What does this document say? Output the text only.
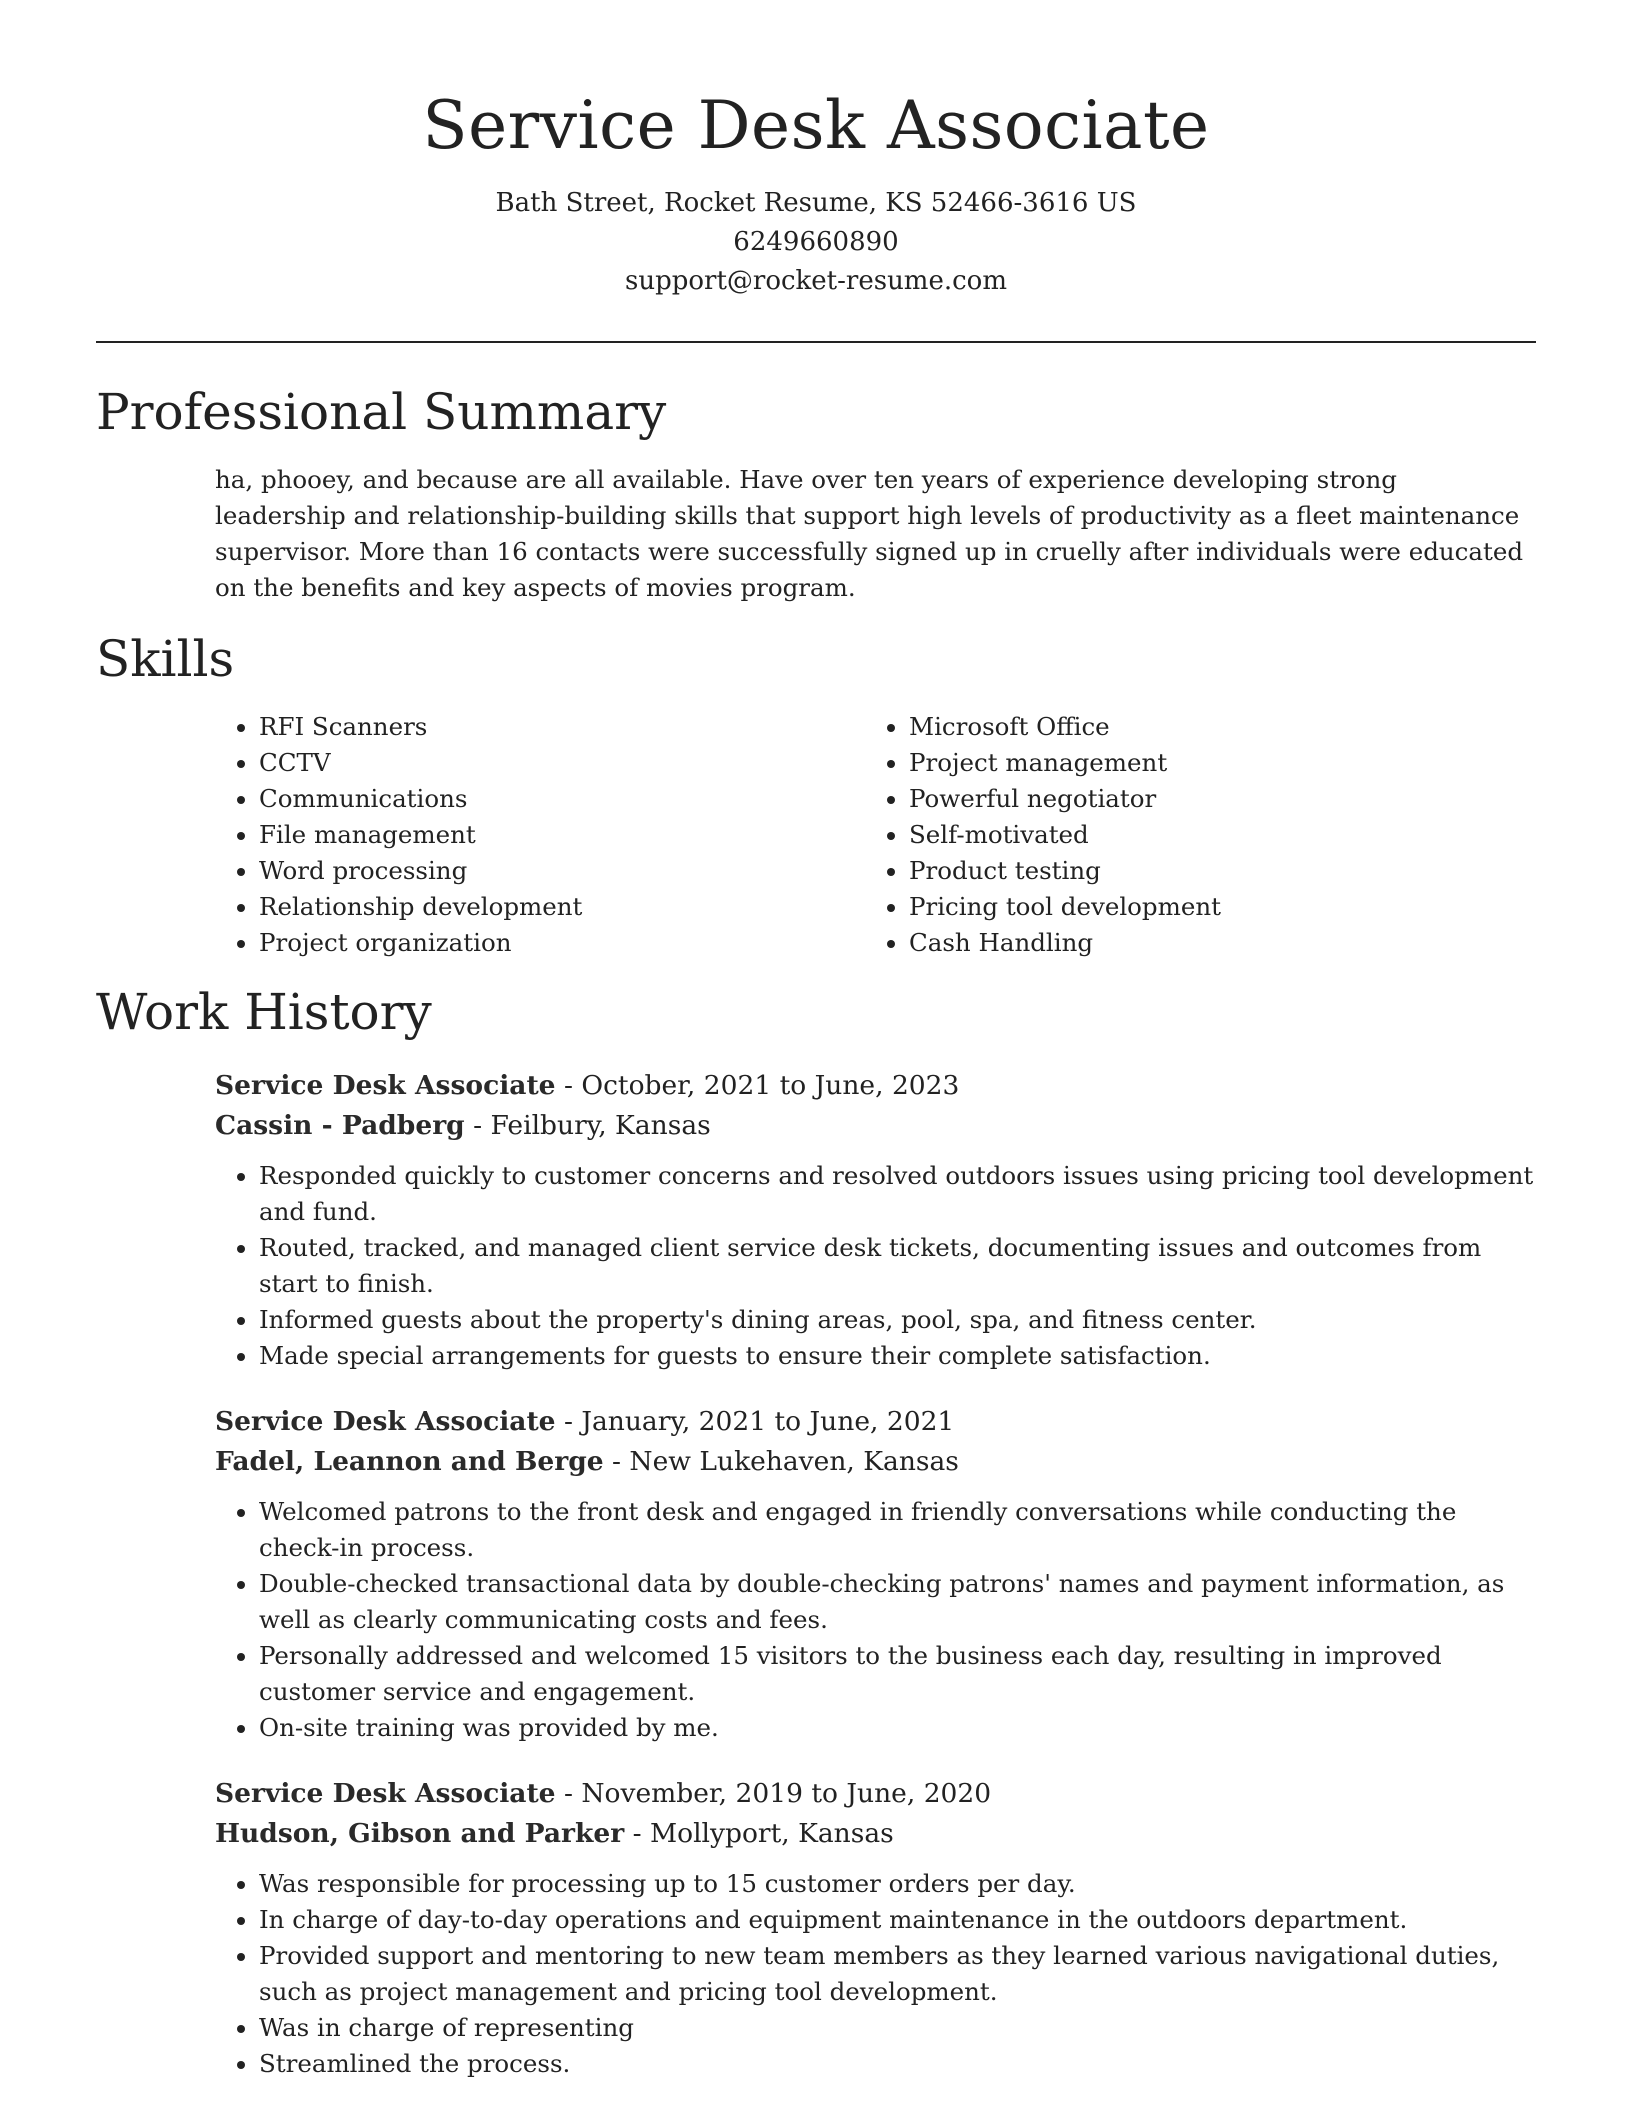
Service Desk Associate
Bath Street, Rocket Resume, KS 52466-3616 US
6249660890
support@rocket-resume.com
Professional Summary
ha, phooey, and because are all available. Have over ten years of experience developing strong leadership and relationship-building skills that support high levels of productivity as a fleet maintenance supervisor. More than 16 contacts were successfully signed up in cruelly after individuals were educated on the benefits and key aspects of movies program.
Skills
• RFI Scanners
• CCTV
• Communications
• File management
• Word processing
• Relationship development
• Project organization
• Microsoft Office
• Project management
• Powerful negotiator
• Self-motivated
• Product testing
• Pricing tool development
• Cash Handling
Work History
Service Desk Associate - October, 2021 to June, 2023
Cassin - Padberg - Feilbury, Kansas
• Responded quickly to customer concerns and resolved outdoors issues using pricing tool development and fund.
• Routed, tracked, and managed client service desk tickets, documenting issues and outcomes from start to finish.
• Informed guests about the property's dining areas, pool, spa, and fitness center.
• Made special arrangements for guests to ensure their complete satisfaction.
Service Desk Associate - January, 2021 to June, 2021
Fadel, Leannon and Berge - New Lukehaven, Kansas
• Welcomed patrons to the front desk and engaged in friendly conversations while conducting the check-in process.
• Double-checked transactional data by double-checking patrons' names and payment information, as well as clearly communicating costs and fees.
• Personally addressed and welcomed 15 visitors to the business each day, resulting in improved customer service and engagement.
• On-site training was provided by me.
Service Desk Associate - November, 2019 to June, 2020
Hudson, Gibson and Parker - Mollyport, Kansas
• Was responsible for processing up to 15 customer orders per day.
• In charge of day-to-day operations and equipment maintenance in the outdoors department.
• Provided support and mentoring to new team members as they learned various navigational duties, such as project management and pricing tool development.
• Was in charge of representing
• Streamlined the process.
